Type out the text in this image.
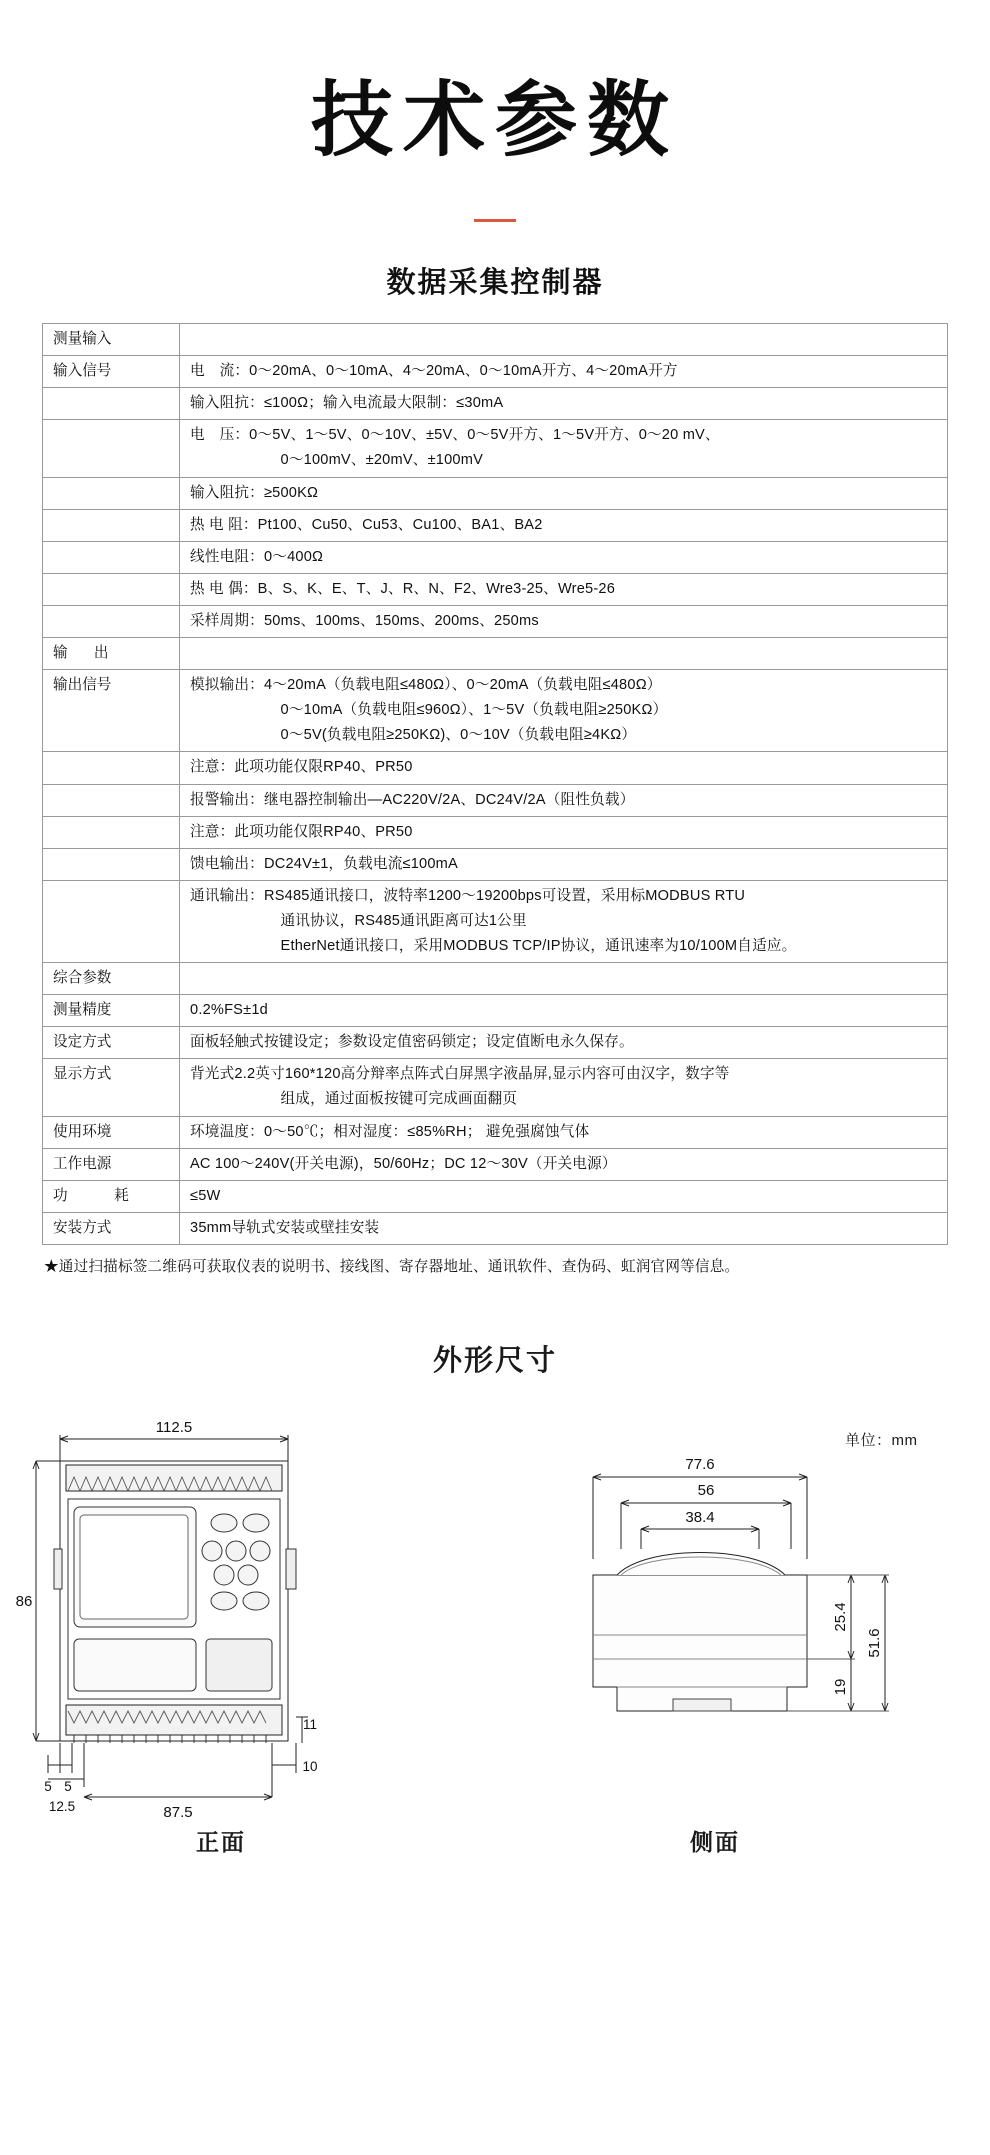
技术参数
数据采集控制器
测量输入	
输入信号	电　流：0～20mA、0～10mA、4～20mA、0～10mA开方、4～20mA开方
	输入阻抗：≤100Ω；输入电流最大限制：≤30mA
	电　压：0～5V、1～5V、0～10V、±5V、0～5V开方、1～5V开方、0～20 mV、
0～100mV、±20mV、±100mV

	输入阻抗：≥500KΩ
	热 电 阻：Pt100、Cu50、Cu53、Cu100、BA1、BA2
	线性电阻：0～400Ω
	热 电 偶：B、S、K、E、T、J、R、N、F2、Wre3-25、Wre5-26
	采样周期：50ms、100ms、150ms、200ms、250ms
输　出	
输出信号	模拟输出：4～20mA（负载电阻≤480Ω）、0～20mA（负载电阻≤480Ω）
0～10mA（负载电阻≤960Ω）、1～5V（负载电阻≥250KΩ）
0～5V(负载电阻≥250KΩ)、0～10V（负载电阻≥4KΩ）

	注意：此项功能仅限RP40、PR50
	报警输出：继电器控制输出—AC220V/2A、DC24V/2A（阻性负载）
	注意：此项功能仅限RP40、PR50
	馈电输出：DC24V±1，负载电流≤100mA
	通讯输出：RS485通讯接口，波特率1200～19200bps可设置，采用标MODBUS RTU
通讯协议，RS485通讯距离可达1公里
EtherNet通讯接口，采用MODBUS TCP/IP协议，通讯速率为10/100M自适应。

综合参数	
测量精度	0.2%FS±1d
设定方式	面板轻触式按键设定；参数设定值密码锁定；设定值断电永久保存。
显示方式	背光式2.2英寸160*120高分辩率点阵式白屏黑字液晶屏,显示内容可由汉字，数字等
组成，通过面板按键可完成画面翻页

使用环境	环境温度：0～50℃；相对湿度：≤85%RH； 避免强腐蚀气体
工作电源	AC 100～240V(开关电源)，50/60Hz；DC 12～30V（开关电源）
功　　耗	≤5W
安装方式	35mm导轨式安装或壁挂安装
★通过扫描标签二维码可获取仪表的说明书、接线图、寄存器地址、通讯软件、查伪码、虹润官网等信息。
外形尺寸
单位：mm
112.5
86
5 5
12.5	87.5
10
11
77.6
56
38.4
25.4
19
51.6
正面	侧面
